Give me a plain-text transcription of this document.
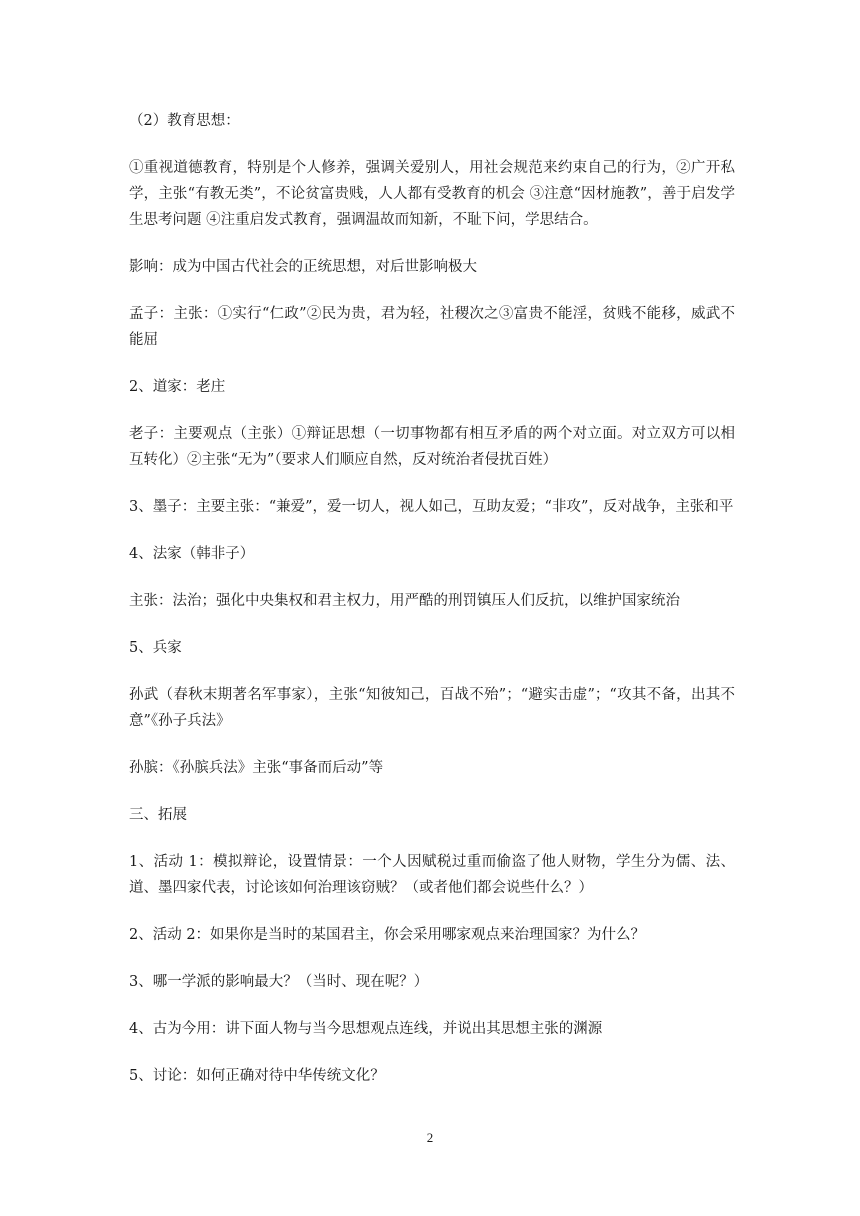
（2）教育思想：

①重视道德教育，特别是个人修养，强调关爱别人，用社会规范来约束自己的行为，②广开私学，主张“有教无类”，不论贫富贵贱，人人都有受教育的机会 ③注意“因材施教”，善于启发学生思考问题 ④注重启发式教育，强调温故而知新，不耻下问，学思结合。

影响：成为中国古代社会的正统思想，对后世影响极大

孟子：主张：①实行“仁政”②民为贵，君为轻，社稷次之③富贵不能淫，贫贱不能移，威武不能屈

2、道家：老庄

老子：主要观点（主张）①辩证思想（一切事物都有相互矛盾的两个对立面。对立双方可以相互转化）②主张“无为”（要求人们顺应自然，反对统治者侵扰百姓）

3、墨子：主要主张：“兼爱”，爱一切人，视人如己，互助友爱；“非攻”，反对战争，主张和平

4、法家（韩非子）

主张：法治；强化中央集权和君主权力，用严酷的刑罚镇压人们反抗，以维护国家统治

5、兵家

孙武（春秋末期著名军事家），主张“知彼知己，百战不殆”；“避实击虚”；“攻其不备，出其不意”《孙子兵法》

孙膑：《孙膑兵法》主张“事备而后动”等

三、拓展

1、活动 1：模拟辩论，设置情景：一个人因赋税过重而偷盗了他人财物，学生分为儒、法、道、墨四家代表，讨论该如何治理该窃贼？（或者他们都会说些什么？）

2、活动 2：如果你是当时的某国君主，你会采用哪家观点来治理国家？为什么？

3、哪一学派的影响最大？（当时、现在呢？）

4、古为今用：讲下面人物与当今思想观点连线，并说出其思想主张的渊源

5、讨论：如何正确对待中华传统文化？

2
